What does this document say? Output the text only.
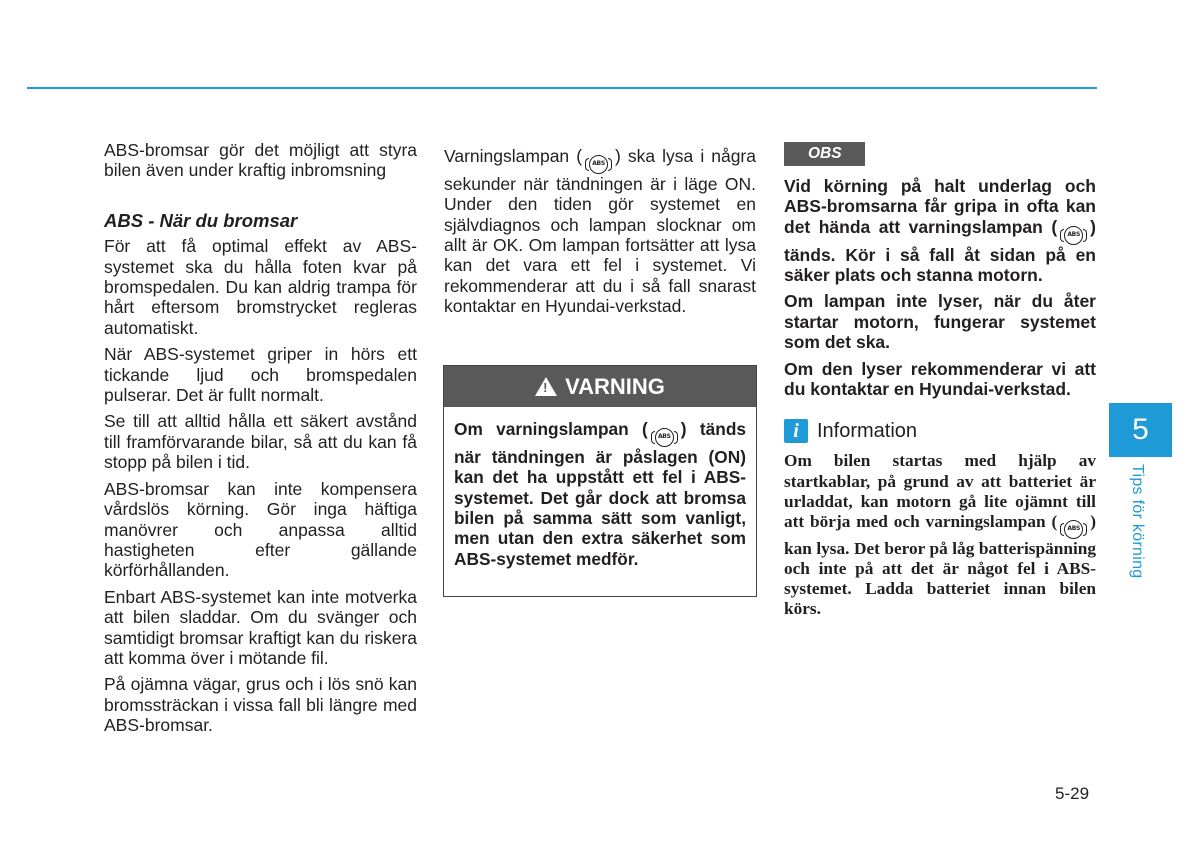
ABS-bromsar gör det möjligt att styra bilen även under kraftig inbromsning

ABS - När du bromsar

För att få optimal effekt av ABS-systemet ska du hålla foten kvar på bromspedalen. Du kan aldrig trampa för hårt eftersom bromstrycket regleras automatiskt.

När ABS-systemet griper in hörs ett tickande ljud och bromspedalen pulserar. Det är fullt normalt.

Se till att alltid hålla ett säkert avstånd till framförvarande bilar, så att du kan få stopp på bilen i tid.

ABS-bromsar kan inte kompensera vårdslös körning. Gör inga häftiga manövrer och anpassa alltid hastigheten efter gällande körförhållanden.

Enbart ABS-systemet kan inte motverka att bilen sladdar. Om du svänger och samtidigt bromsar kraftigt kan du riskera att komma över i mötande fil.

På ojämna vägar, grus och i lös snö kan bromssträckan i vissa fall bli längre med ABS-bromsar.

Varningslampan ( ABS ) ska lysa i några sekunder när tändningen är i läge ON. Under den tiden gör systemet en självdiagnos och lampan slocknar om allt är OK. Om lampan fortsätter att lysa kan det vara ett fel i systemet. Vi rekommenderar att du i så fall snarast kontaktar en Hyundai-verkstad.

!
VARNING
Om varningslampan ( ABS ) tänds när tändningen är påslagen (ON) kan det ha uppstått ett fel i ABS-systemet. Det går dock att bromsa bilen på samma sätt som vanligt, men utan den extra säkerhet som ABS-systemet medför.
OBS

Vid körning på halt underlag och ABS-bromsarna får gripa in ofta kan det hända att varningslampan ( ABS ) tänds. Kör i så fall åt sidan på en säker plats och stanna motorn.

Om lampan inte lyser, när du åter startar motorn, fungerar systemet som det ska.

Om den lyser rekommenderar vi att du kontaktar en Hyundai-verkstad.

i Information

Om bilen startas med hjälp av startkablar, på grund av att batteriet är urladdat, kan motorn gå lite ojämnt till att börja med och varningslampan ( ABS ) kan lysa. Det beror på låg batterispänning och inte på att det är något fel i ABS-systemet. Ladda batteriet innan bilen körs.

5
Tips för körning
5-29
